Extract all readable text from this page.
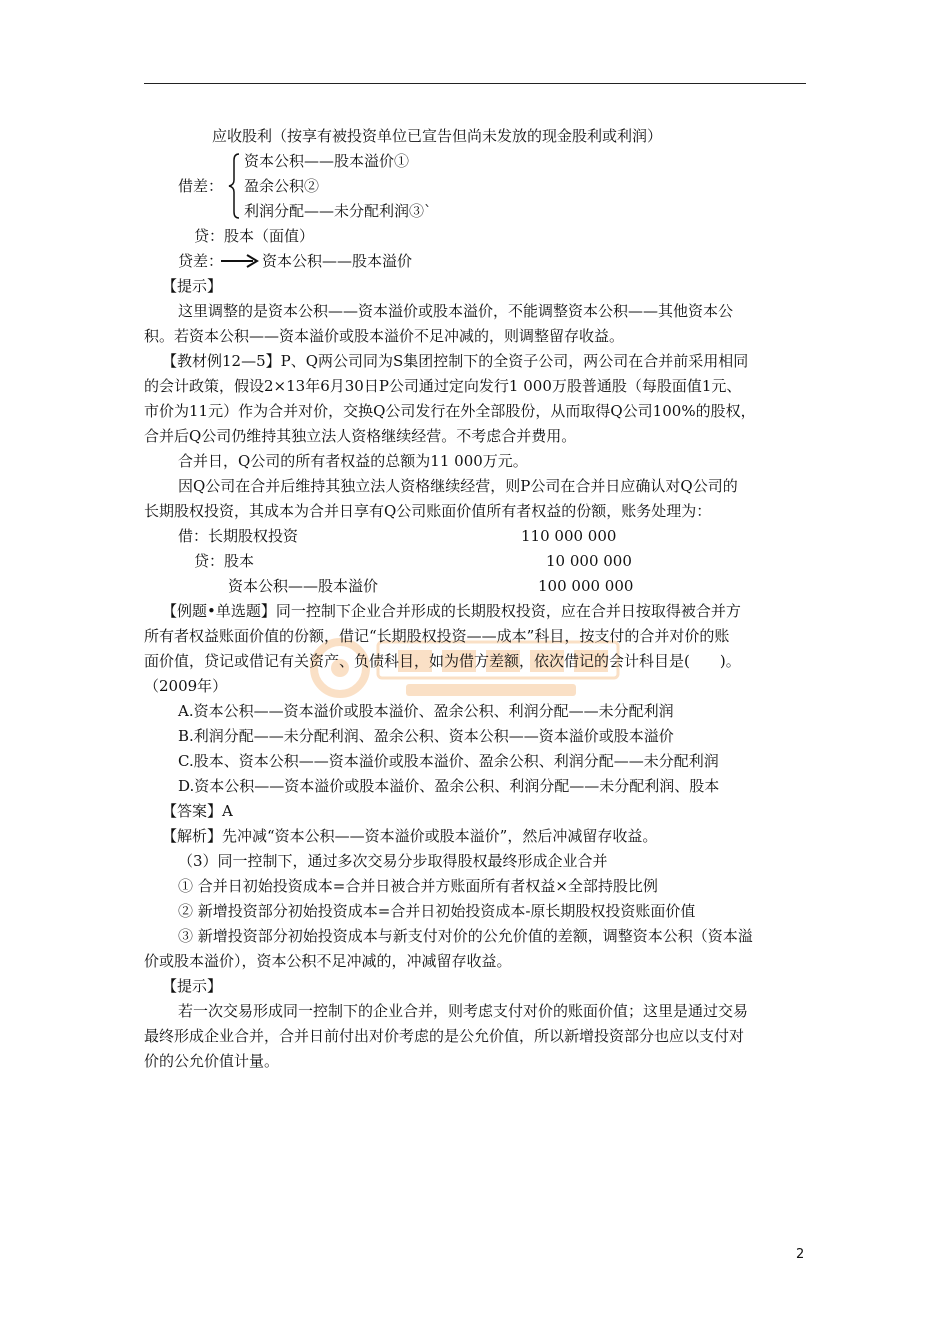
应收股利（按享有被投资单位已宣告但尚未发放的现金股利或利润）
资本公积——股本溢价①
借差： 盈余公积②
利润分配——未分配利润③`
贷：股本（面值）
贷差：	资本公积——股本溢价
【提示】
这里调整的是资本公积——资本溢价或股本溢价，不能调整资本公积——其他资本公
积。若资本公积——资本溢价或股本溢价不足冲减的，则调整留存收益。
【教材例12—5】P、Q两公司同为S集团控制下的全资子公司，两公司在合并前采用相同
的会计政策，假设2×13年6月30日P公司通过定向发行1 000万股普通股（每股面值1元、
市价为11元）作为合并对价，交换Q公司发行在外全部股份，从而取得Q公司100%的股权，
合并后Q公司仍维持其独立法人资格继续经营。不考虑合并费用。
合并日，Q公司的所有者权益的总额为11 000万元。
因Q公司在合并后维持其独立法人资格继续经营，则P公司在合并日应确认对Q公司的
长期股权投资，其成本为合并日享有Q公司账面价值所有者权益的份额，账务处理为：
借：长期股权投资	110 000 000
贷：股本	10 000 000
资本公积——股本溢价	100 000 000
【例题•单选题】同一控制下企业合并形成的长期股权投资，应在合并日按取得被合并方
所有者权益账面价值的份额，借记“长期股权投资——成本”科目，按支付的合并对价的账
面价值，贷记或借记有关资产、负债科目，如为借方差额，依次借记的会计科目是(　　)。
（2009年）
A.资本公积——资本溢价或股本溢价、盈余公积、利润分配——未分配利润
B.利润分配——未分配利润、盈余公积、资本公积——资本溢价或股本溢价
C.股本、资本公积——资本溢价或股本溢价、盈余公积、利润分配——未分配利润
D.资本公积——资本溢价或股本溢价、盈余公积、利润分配——未分配利润、股本
【答案】A
【解析】先冲减“资本公积——资本溢价或股本溢价”，然后冲减留存收益。
（3）同一控制下，通过多次交易分步取得股权最终形成企业合并
① 合并日初始投资成本=合并日被合并方账面所有者权益×全部持股比例
② 新增投资部分初始投资成本=合并日初始投资成本-原长期股权投资账面价值
③ 新增投资部分初始投资成本与新支付对价的公允价值的差额，调整资本公积（资本溢
价或股本溢价），资本公积不足冲减的，冲减留存收益。
【提示】
若一次交易形成同一控制下的企业合并，则考虑支付对价的账面价值；这里是通过交易
最终形成企业合并，合并日前付出对价考虑的是公允价值，所以新增投资部分也应以支付对
价的公允价值计量。
2
